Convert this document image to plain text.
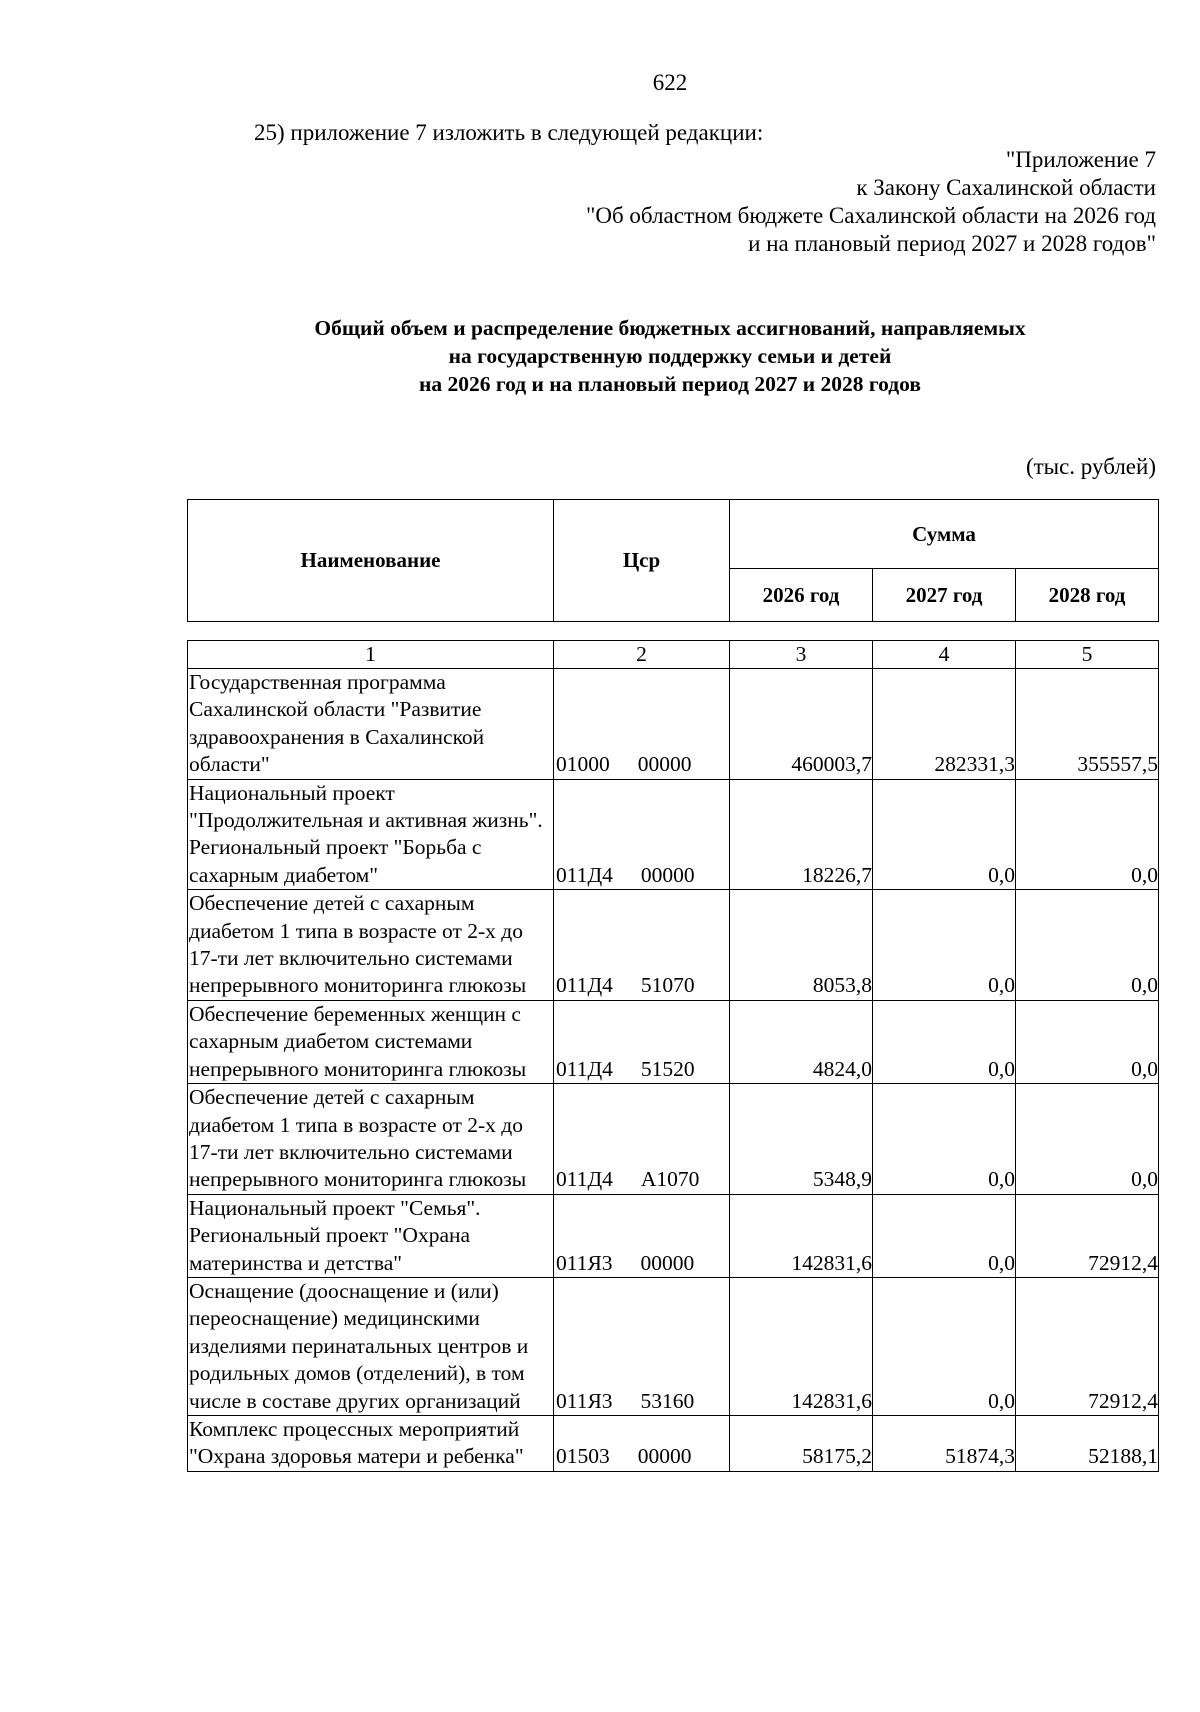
622
25) приложение 7 изложить в следующей редакции:
"Приложение 7
к Закону Сахалинской области
"Об областном бюджете Сахалинской области на 2026 год
и на плановый период 2027 и 2028 годов"
Общий объем и распределение бюджетных ассигнований, направляемых
на государственную поддержку семьи и детей
на 2026 год и на плановый период 2027 и 2028 годов
(тыс. рублей)
Наименование	Цср	Сумма		
		2026 год	2027 год	2028 год
1	2	3	4	5
Государственная программа Сахалинской области "Развитие здравоохранения в Сахалинской области"	01000 00000	460003,7	282331,3	355557,5
Национальный проект "Продолжительная и активная жизнь". Региональный проект "Борьба с сахарным диабетом"	011Д4 00000	18226,7	0,0	0,0
Обеспечение детей с сахарным диабетом 1 типа в возрасте от 2-х до 17-ти лет включительно системами непрерывного мониторинга глюкозы	011Д4 51070	8053,8	0,0	0,0
Обеспечение беременных женщин с сахарным диабетом системами непрерывного мониторинга глюкозы	011Д4 51520	4824,0	0,0	0,0
Обеспечение детей с сахарным диабетом 1 типа в возрасте от 2-х до 17-ти лет включительно системами непрерывного мониторинга глюкозы	011Д4 А1070	5348,9	0,0	0,0
Национальный проект "Семья". Региональный проект "Охрана материнства и детства"	011Я3 00000	142831,6	0,0	72912,4
Оснащение (дооснащение и (или) переоснащение) медицинскими изделиями перинатальных центров и родильных домов (отделений), в том числе в составе других организаций	011Я3 53160	142831,6	0,0	72912,4
Комплекс процессных мероприятий "Охрана здоровья матери и ребенка"	01503 00000	58175,2	51874,3	52188,1
